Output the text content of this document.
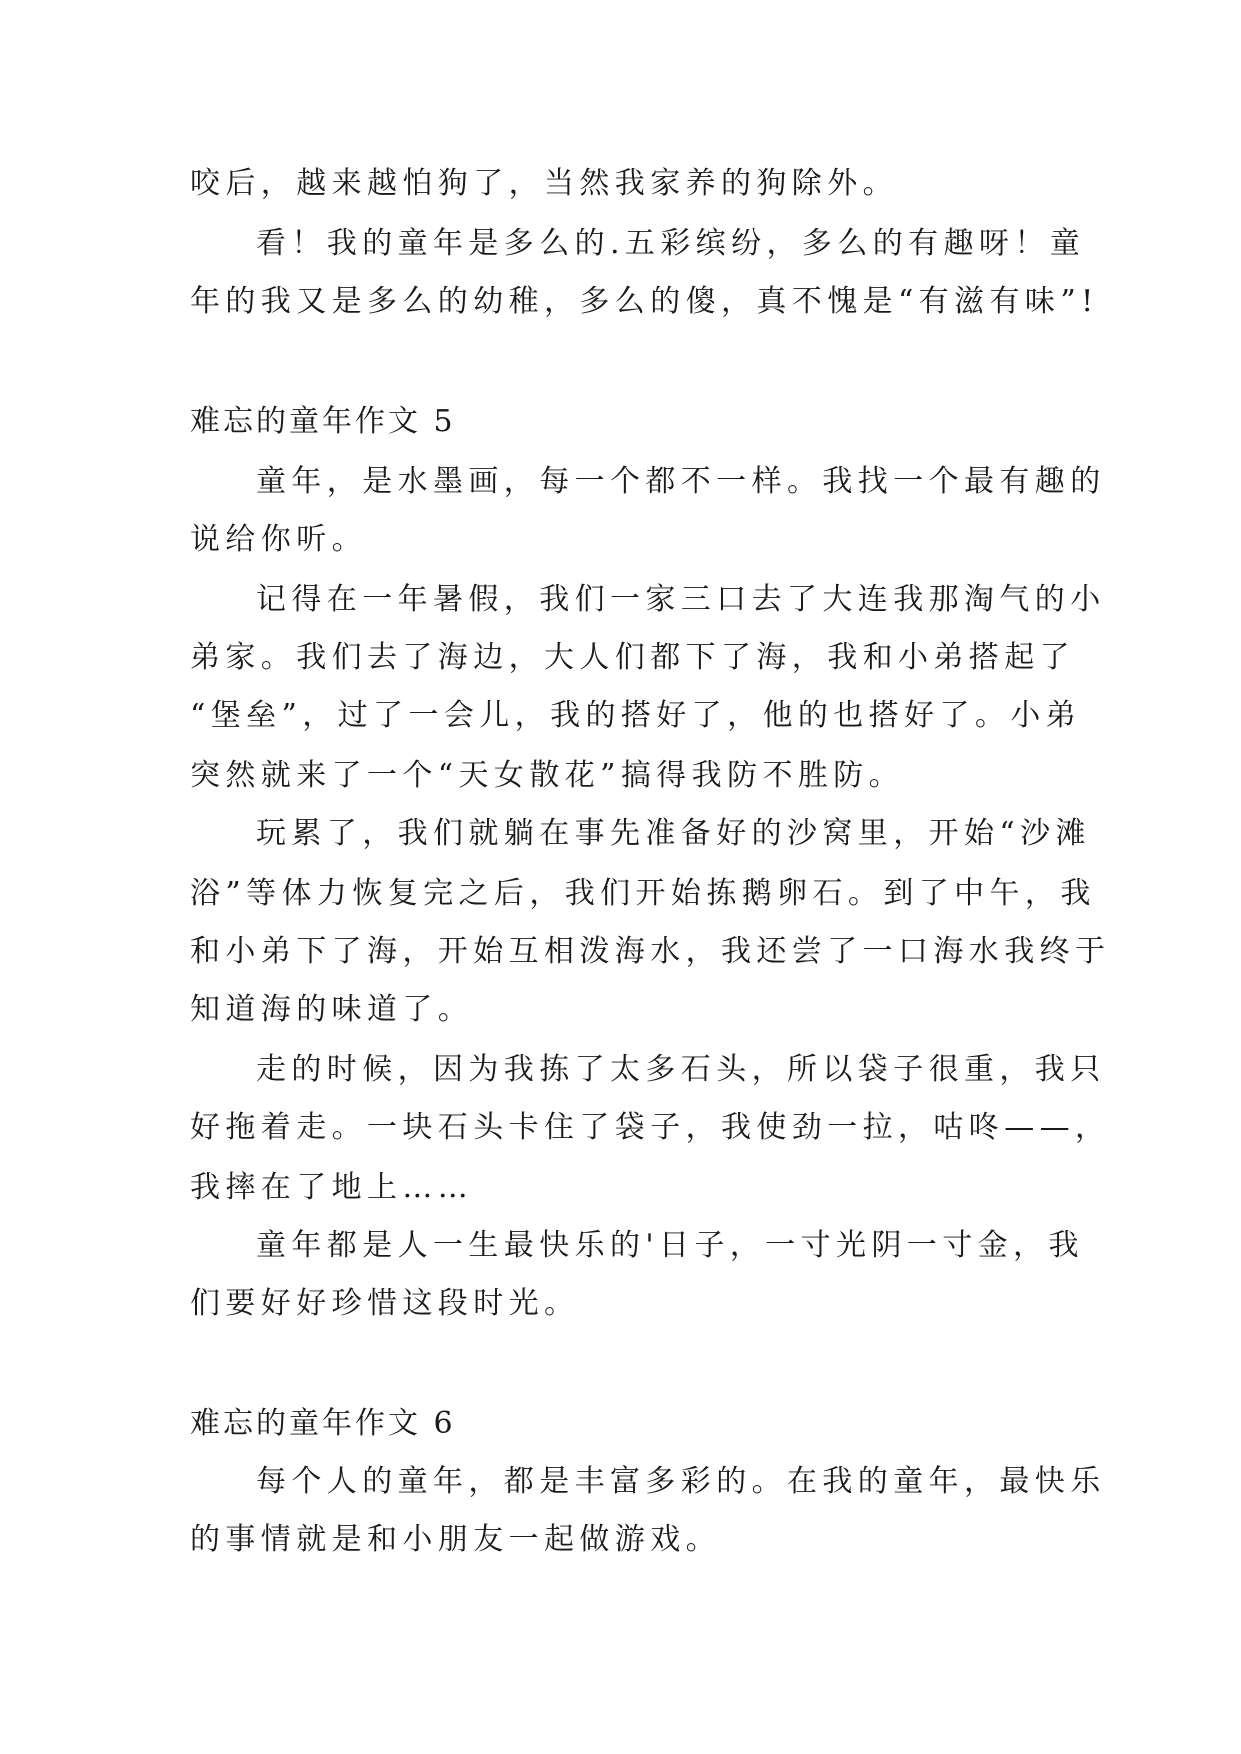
咬后，越来越怕狗了，当然我家养的狗除外。
看！我的童年是多么的.五彩缤纷，多么的有趣呀！童
年的我又是多么的幼稚，多么的傻，真不愧是“有滋有味”!
难忘的童年作文 5
童年，是水墨画，每一个都不一样。我找一个最有趣的
说给你听。
记得在一年暑假，我们一家三口去了大连我那淘气的小
弟家。我们去了海边，大人们都下了海，我和小弟搭起了
“堡垒”，过了一会儿，我的搭好了，他的也搭好了。小弟
突然就来了一个“天女散花”搞得我防不胜防。
玩累了，我们就躺在事先准备好的沙窝里，开始“沙滩
浴”等体力恢复完之后，我们开始拣鹅卵石。到了中午，我
和小弟下了海，开始互相泼海水，我还尝了一口海水我终于
知道海的味道了。
走的时候，因为我拣了太多石头，所以袋子很重，我只
好拖着走。一块石头卡住了袋子，我使劲一拉，咕咚——，
我摔在了地上……
童年都是人一生最快乐的'日子，一寸光阴一寸金，我
们要好好珍惜这段时光。
难忘的童年作文 6
每个人的童年，都是丰富多彩的。在我的童年，最快乐
的事情就是和小朋友一起做游戏。
